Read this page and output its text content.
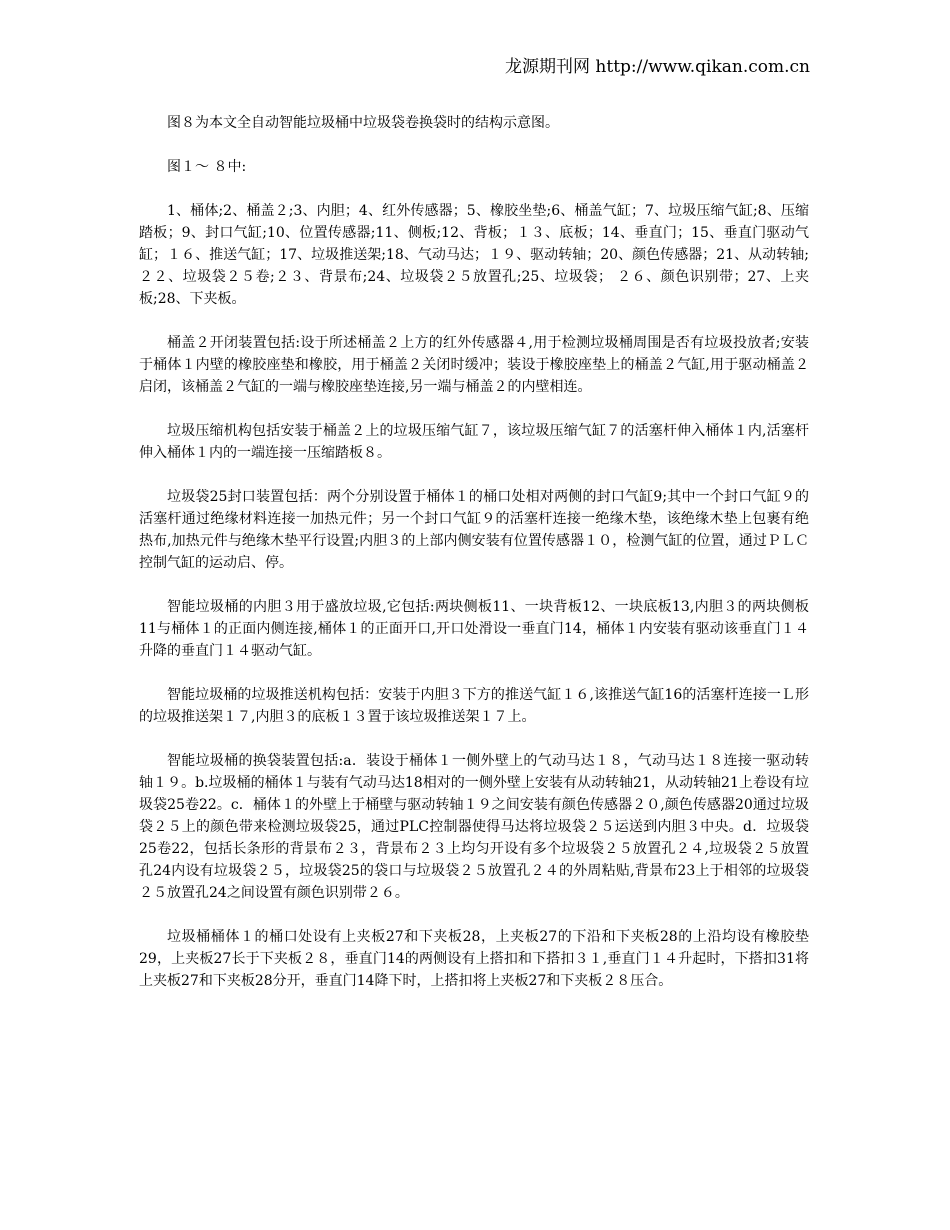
龙源期刊网 http://www.qikan.com.cn

图８为本文全自动智能垃圾桶中垃圾袋卷换袋时的结构示意图。

图１～ ８中:

1、桶体;2、桶盖２;3、内胆；4、红外传感器；5、橡胶坐垫;6、桶盖气缸；7、垃圾压缩气缸;8、压缩踏板；9、封口气缸;10、位置传感器;11、侧板;12、背板；１３、底板；14、垂直门；15、垂直门驱动气缸；１６、推送气缸；17、垃圾推送架;18、气动马达；１９、驱动转轴；20、颜色传感器；21、从动转轴;２２、垃圾袋２５卷;２３、背景布;24、垃圾袋２５放置孔;25、垃圾袋； ２６、颜色识别带；27、上夹板;28、下夹板。

桶盖２开闭装置包括:设于所述桶盖２上方的红外传感器４,用于检测垃圾桶周围是否有垃圾投放者;安装于桶体１内壁的橡胶座垫和橡胶，用于桶盖２关闭时缓冲；装设于橡胶座垫上的桶盖２气缸,用于驱动桶盖２启闭，该桶盖２气缸的一端与橡胶座垫连接,另一端与桶盖２的内壁相连。

垃圾压缩机构包括安装于桶盖２上的垃圾压缩气缸７，该垃圾压缩气缸７的活塞杆伸入桶体１内,活塞杆伸入桶体１内的一端连接一压缩踏板８。

垃圾袋25封口装置包括：两个分别设置于桶体１的桶口处相对两侧的封口气缸9;其中一个封口气缸９的活塞杆通过绝缘材料连接一加热元件；另一个封口气缸９的活塞杆连接一绝缘木垫，该绝缘木垫上包裹有绝热布,加热元件与绝缘木垫平行设置;内胆３的上部内侧安装有位置传感器１０，检测气缸的位置，通过ＰＬＣ控制气缸的运动启、停。

智能垃圾桶的内胆３用于盛放垃圾,它包括:两块侧板11、一块背板12、一块底板13,内胆３的两块侧板11与桶体１的正面内侧连接,桶体１的正面开口,开口处滑设一垂直门14，桶体１内安装有驱动该垂直门１４升降的垂直门１４驱动气缸。

智能垃圾桶的垃圾推送机构包括：安装于内胆３下方的推送气缸１６,该推送气缸16的活塞杆连接一Ｌ形的垃圾推送架１７,内胆３的底板１３置于该垃圾推送架１７上。

智能垃圾桶的换袋装置包括:a．装设于桶体１一侧外壁上的气动马达１８，气动马达１８连接一驱动转轴１９。b.垃圾桶的桶体１与装有气动马达18相对的一侧外壁上安装有从动转轴21，从动转轴21上卷设有垃圾袋25卷22。c．桶体１的外壁上于桶壁与驱动转轴１９之间安装有颜色传感器２０,颜色传感器20通过垃圾袋２５上的颜色带来检测垃圾袋25，通过PLC控制器使得马达将垃圾袋２５运送到内胆３中央。d．垃圾袋25卷22，包括长条形的背景布２３，背景布２３上均匀开设有多个垃圾袋２５放置孔２４,垃圾袋２５放置孔24内设有垃圾袋２５，垃圾袋25的袋口与垃圾袋２５放置孔２４的外周粘贴,背景布23上于相邻的垃圾袋２５放置孔24之间设置有颜色识别带２６。

垃圾桶桶体１的桶口处设有上夹板27和下夹板28，上夹板27的下沿和下夹板28的上沿均设有橡胶垫29，上夹板27长于下夹板２８，垂直门14的两侧设有上搭扣和下搭扣３１,垂直门１４升起时，下搭扣31将上夹板27和下夹板28分开，垂直门14降下时，上搭扣将上夹板27和下夹板２８压合。
